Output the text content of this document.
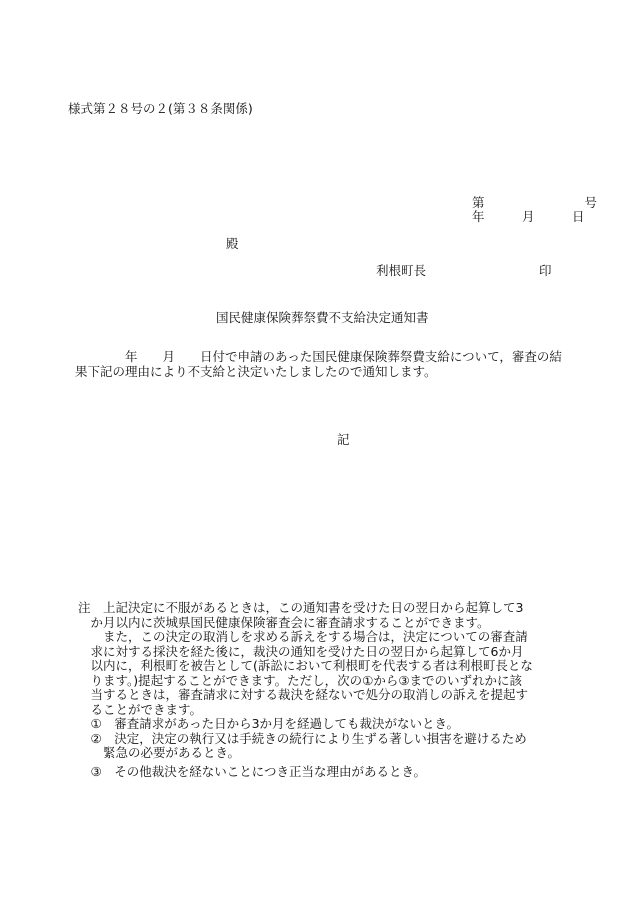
様式第２８号の２(第３８条関係)
第　　　　　　　　号
年　　　月　　　日
殿
利根町長	印
国民健康保険葬祭費不支給決定通知書
　　　　年　　月　　日付で申請のあった国民健康保険葬祭費支給について，審査の結
果下記の理由により不支給と決定いたしましたので通知します。
記
注　上記決定に不服があるときは，この通知書を受けた日の翌日から起算して3
　か月以内に茨城県国民健康保険審査会に審査請求することができます。
　　また，この決定の取消しを求める訴えをする場合は，決定についての審査請
　求に対する採決を経た後に，裁決の通知を受けた日の翌日から起算して6か月
　以内に，利根町を被告として(訴訟において利根町を代表する者は利根町長とな
　ります。)提起することができます。ただし，次の①から③までのいずれかに該
　当するときは，審査請求に対する裁決を経ないで処分の取消しの訴えを提起す
　ることができます。
　①　審査請求があった日から3か月を経過しても裁決がないとき。
　②　決定，決定の執行又は手続きの続行により生ずる著しい損害を避けるため
　　緊急の必要があるとき。
　③　その他裁決を経ないことにつき正当な理由があるとき。
